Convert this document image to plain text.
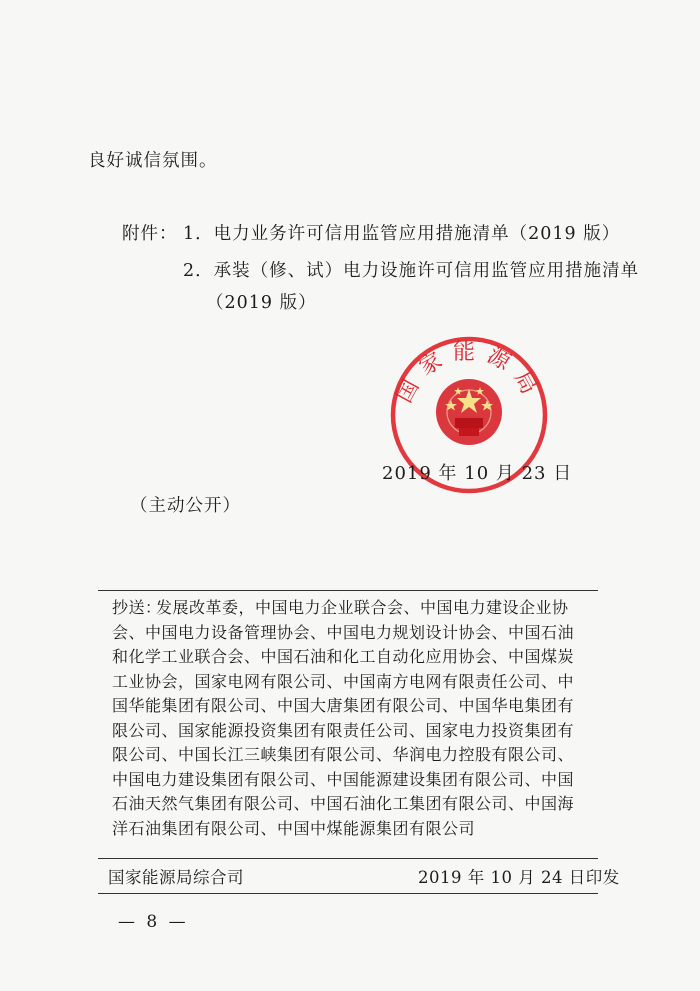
良好诚信氛围。
附件： 1．电力业务许可信用监管应用措施清单（2019 版）
2．承装（修、试）电力设施许可信用监管应用措施清单
（2019 版）
国家能源局
2019 年 10 月 23 日
（主动公开）
抄送：
发展改革委，中国电力企业联合会、中国电力建设企业协会、中国电力设备管理协会、中国电力规划设计协会、中国石油和化学工业联合会、中国石油和化工自动化应用协会、中国煤炭工业协会，国家电网有限公司、中国南方电网有限责任公司、中国华能集团有限公司、中国大唐集团有限公司、中国华电集团有限公司、国家能源投资集团有限责任公司、国家电力投资集团有限公司、中国长江三峡集团有限公司、华润电力控股有限公司、中国电力建设集团有限公司、中国能源建设集团有限公司、中国石油天然气集团有限公司、中国石油化工集团有限公司、中国海洋石油集团有限公司、中国中煤能源集团有限公司
国家能源局综合司	2019 年 10 月 24 日印发
— 8 —
